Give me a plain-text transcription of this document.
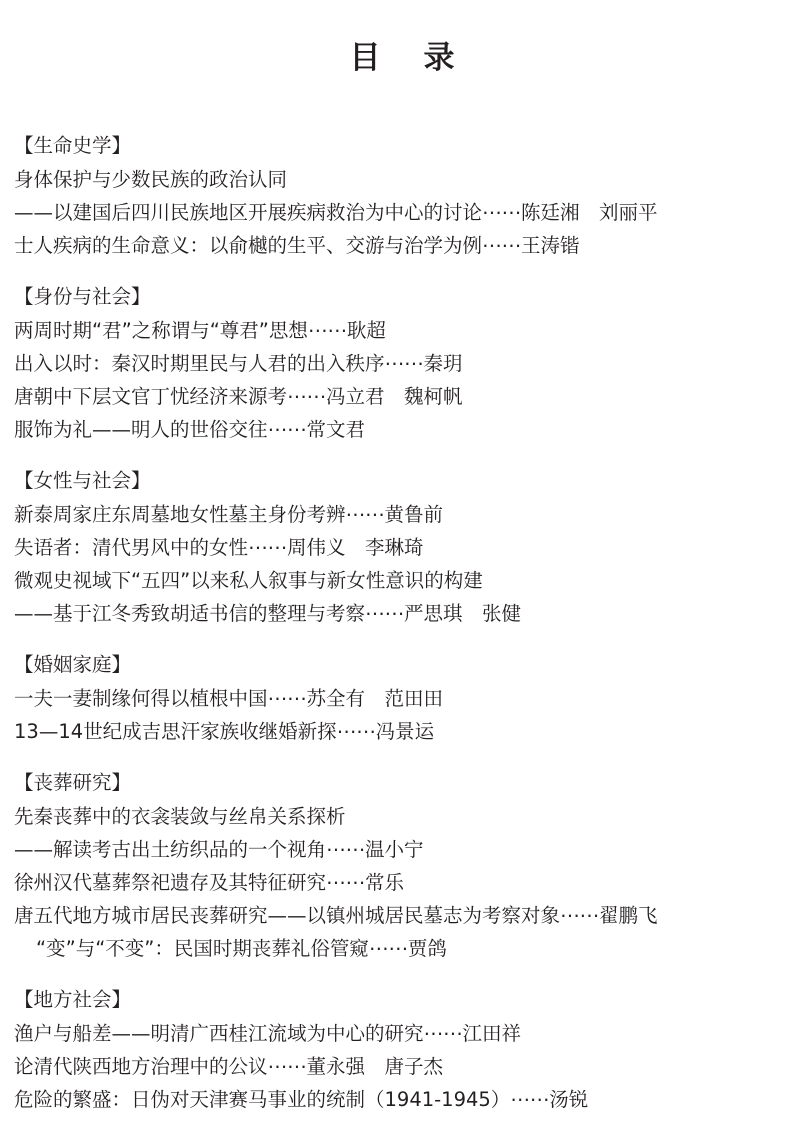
目　录
【生命史学】
身体保护与少数民族的政治认同
——以建国后四川民族地区开展疾病救治为中心的讨论⋯⋯陈廷湘　刘丽平
士人疾病的生命意义：以俞樾的生平、交游与治学为例⋯⋯王涛锴
【身份与社会】
两周时期“君”之称谓与“尊君”思想⋯⋯耿超
出入以时：秦汉时期里民与人君的出入秩序⋯⋯秦玥
唐朝中下层文官丁忧经济来源考⋯⋯冯立君　魏柯帆
服饰为礼——明人的世俗交往⋯⋯常文君
【女性与社会】
新泰周家庄东周墓地女性墓主身份考辨⋯⋯黄鲁前
失语者：清代男风中的女性⋯⋯周伟义　李琳琦
微观史视域下“五四”以来私人叙事与新女性意识的构建
——基于江冬秀致胡适书信的整理与考察⋯⋯严思琪　张健
【婚姻家庭】
一夫一妻制缘何得以植根中国⋯⋯苏全有　范田田
13—14世纪成吉思汗家族收继婚新探⋯⋯冯景运
【丧葬研究】
先秦丧葬中的衣衾装敛与丝帛关系探析
——解读考古出土纺织品的一个视角⋯⋯温小宁
徐州汉代墓葬祭祀遗存及其特征研究⋯⋯常乐
唐五代地方城市居民丧葬研究——以镇州城居民墓志为考察对象⋯⋯翟鹏飞
“变”与“不变”：民国时期丧葬礼俗管窥⋯⋯贾鸽
【地方社会】
渔户与船差——明清广西桂江流域为中心的研究⋯⋯江田祥
论清代陕西地方治理中的公议⋯⋯董永强　唐子杰
危险的繁盛：日伪对天津赛马事业的统制（1941-1945）⋯⋯汤锐
